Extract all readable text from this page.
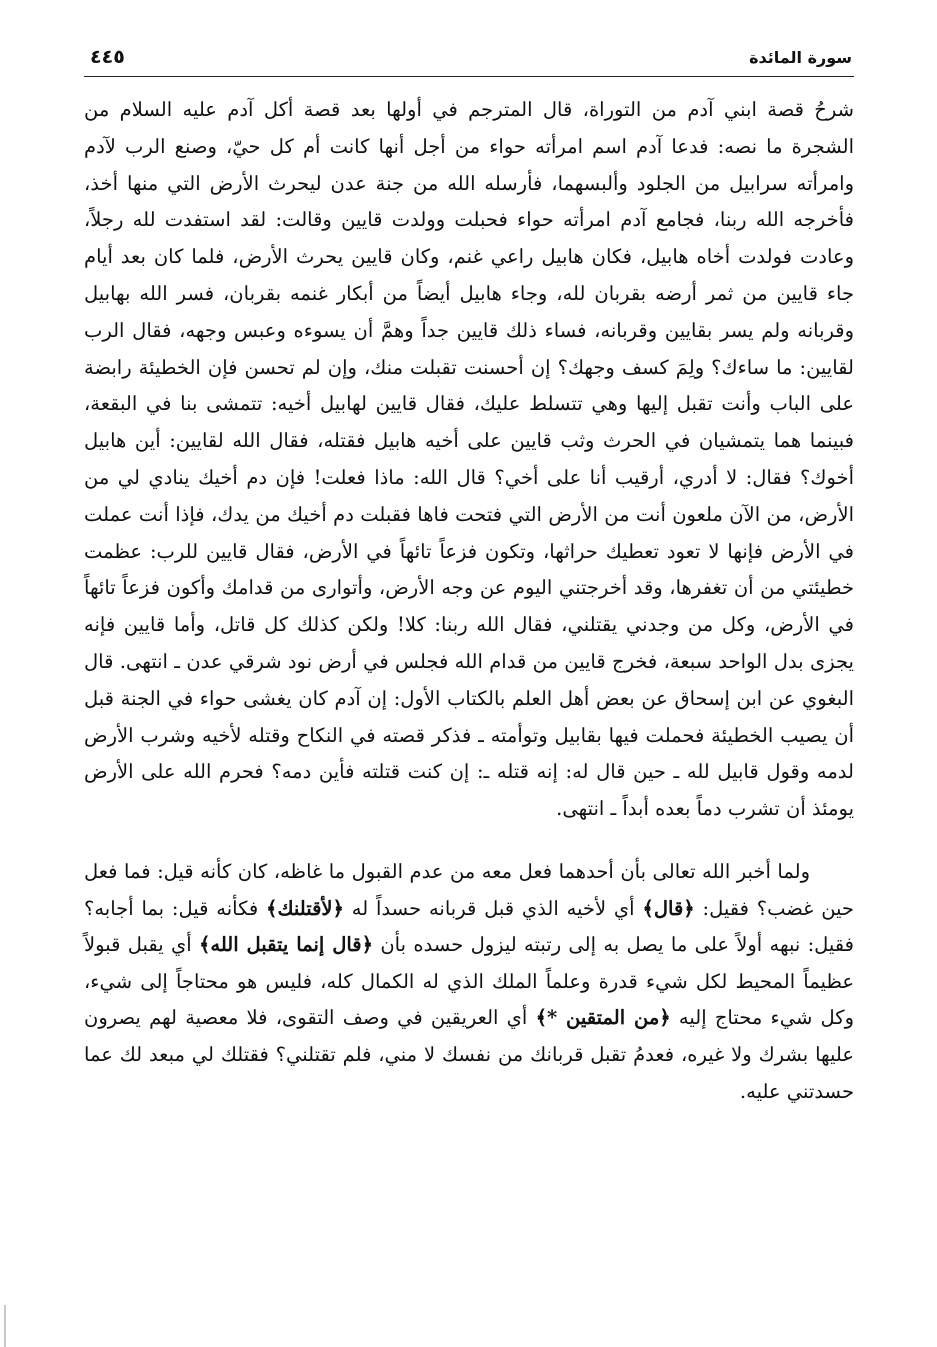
سورة المائدة
٤٤٥

شرحُ قصة ابني آدم من التوراة، قال المترجم في أولها بعد قصة أكل آدم عليه السلام من الشجرة ما نصه: فدعا آدم اسم امرأته حواء من أجل أنها كانت أم كل حيّ، وصنع الرب لآدم وامرأته سرابيل من الجلود وألبسهما، فأرسله الله من جنة عدن ليحرث الأرض التي منها أخذ، فأخرجه الله ربنا، فجامع آدم امرأته حواء فحبلت وولدت قايين وقالت: لقد استفدت لله رجلاً، وعادت فولدت أخاه هابيل، فكان هابيل راعي غنم، وكان قايين يحرث الأرض، فلما كان بعد أيام جاء قايين من ثمر أرضه بقربان لله، وجاء هابيل أيضاً من أبكار غنمه بقربان، فسر الله بهابيل وقربانه ولم يسر بقايين وقربانه، فساء ذلك قايين جداً وهمَّ أن يسوءه وعبس وجهه، فقال الرب لقايين: ما ساءك؟ ولِمَ كسف وجهك؟ إن أحسنت تقبلت منك، وإن لم تحسن فإن الخطيئة رابضة على الباب وأنت تقبل إليها وهي تتسلط عليك، فقال قايين لهابيل أخيه: تتمشى بنا في البقعة، فبينما هما يتمشيان في الحرث وثب قايين على أخيه هابيل فقتله، فقال الله لقايين: أين هابيل أخوك؟ فقال: لا أدري، أرقيب أنا على أخي؟ قال الله: ماذا فعلت! فإن دم أخيك ينادي لي من الأرض، من الآن ملعون أنت من الأرض التي فتحت فاها فقبلت دم أخيك من يدك، فإذا أنت عملت في الأرض فإنها لا تعود تعطيك حراثها، وتكون فزعاً تائهاً في الأرض، فقال قايين للرب: عظمت خطيئتي من أن تغفرها، وقد أخرجتني اليوم عن وجه الأرض، وأتوارى من قدامك وأكون فزعاً تائهاً في الأرض، وكل من وجدني يقتلني، فقال الله ربنا: كلا! ولكن كذلك كل قاتل، وأما قايين فإنه يجزى بدل الواحد سبعة، فخرج قايين من قدام الله فجلس في أرض نود شرقي عدن ـ انتهى. قال البغوي عن ابن إسحاق عن بعض أهل العلم بالكتاب الأول: إن آدم كان يغشى حواء في الجنة قبل أن يصيب الخطيئة فحملت فيها بقابيل وتوأمته ـ فذكر قصته في النكاح وقتله لأخيه وشرب الأرض لدمه وقول قابيل لله ـ حين قال له: إنه قتله ـ: إن كنت قتلته فأين دمه؟ فحرم الله على الأرض يومئذ أن تشرب دماً بعده أبداً ـ انتهى.

ولما أخبر الله تعالى بأن أحدهما فعل معه من عدم القبول ما غاظه، كان كأنه قيل: فما فعل حين غضب؟ فقيل: ﴿قال﴾ أي لأخيه الذي قبل قربانه حسداً له ﴿لأقتلنك﴾ فكأنه قيل: بما أجابه؟ فقيل: نبهه أولاً على ما يصل به إلى رتبته ليزول حسده بأن ﴿قال إنما يتقبل الله﴾ أي يقبل قبولاً عظيماً المحيط لكل شيء قدرة وعلماً الملك الذي له الكمال كله، فليس هو محتاجاً إلى شيء، وكل شيء محتاج إليه ﴿من المتقين *﴾ أي العريقين في وصف التقوى، فلا معصية لهم يصرون عليها بشرك ولا غيره، فعدمُ تقبل قربانك من نفسك لا مني، فلم تقتلني؟ فقتلك لي مبعد لك عما حسدتني عليه.
